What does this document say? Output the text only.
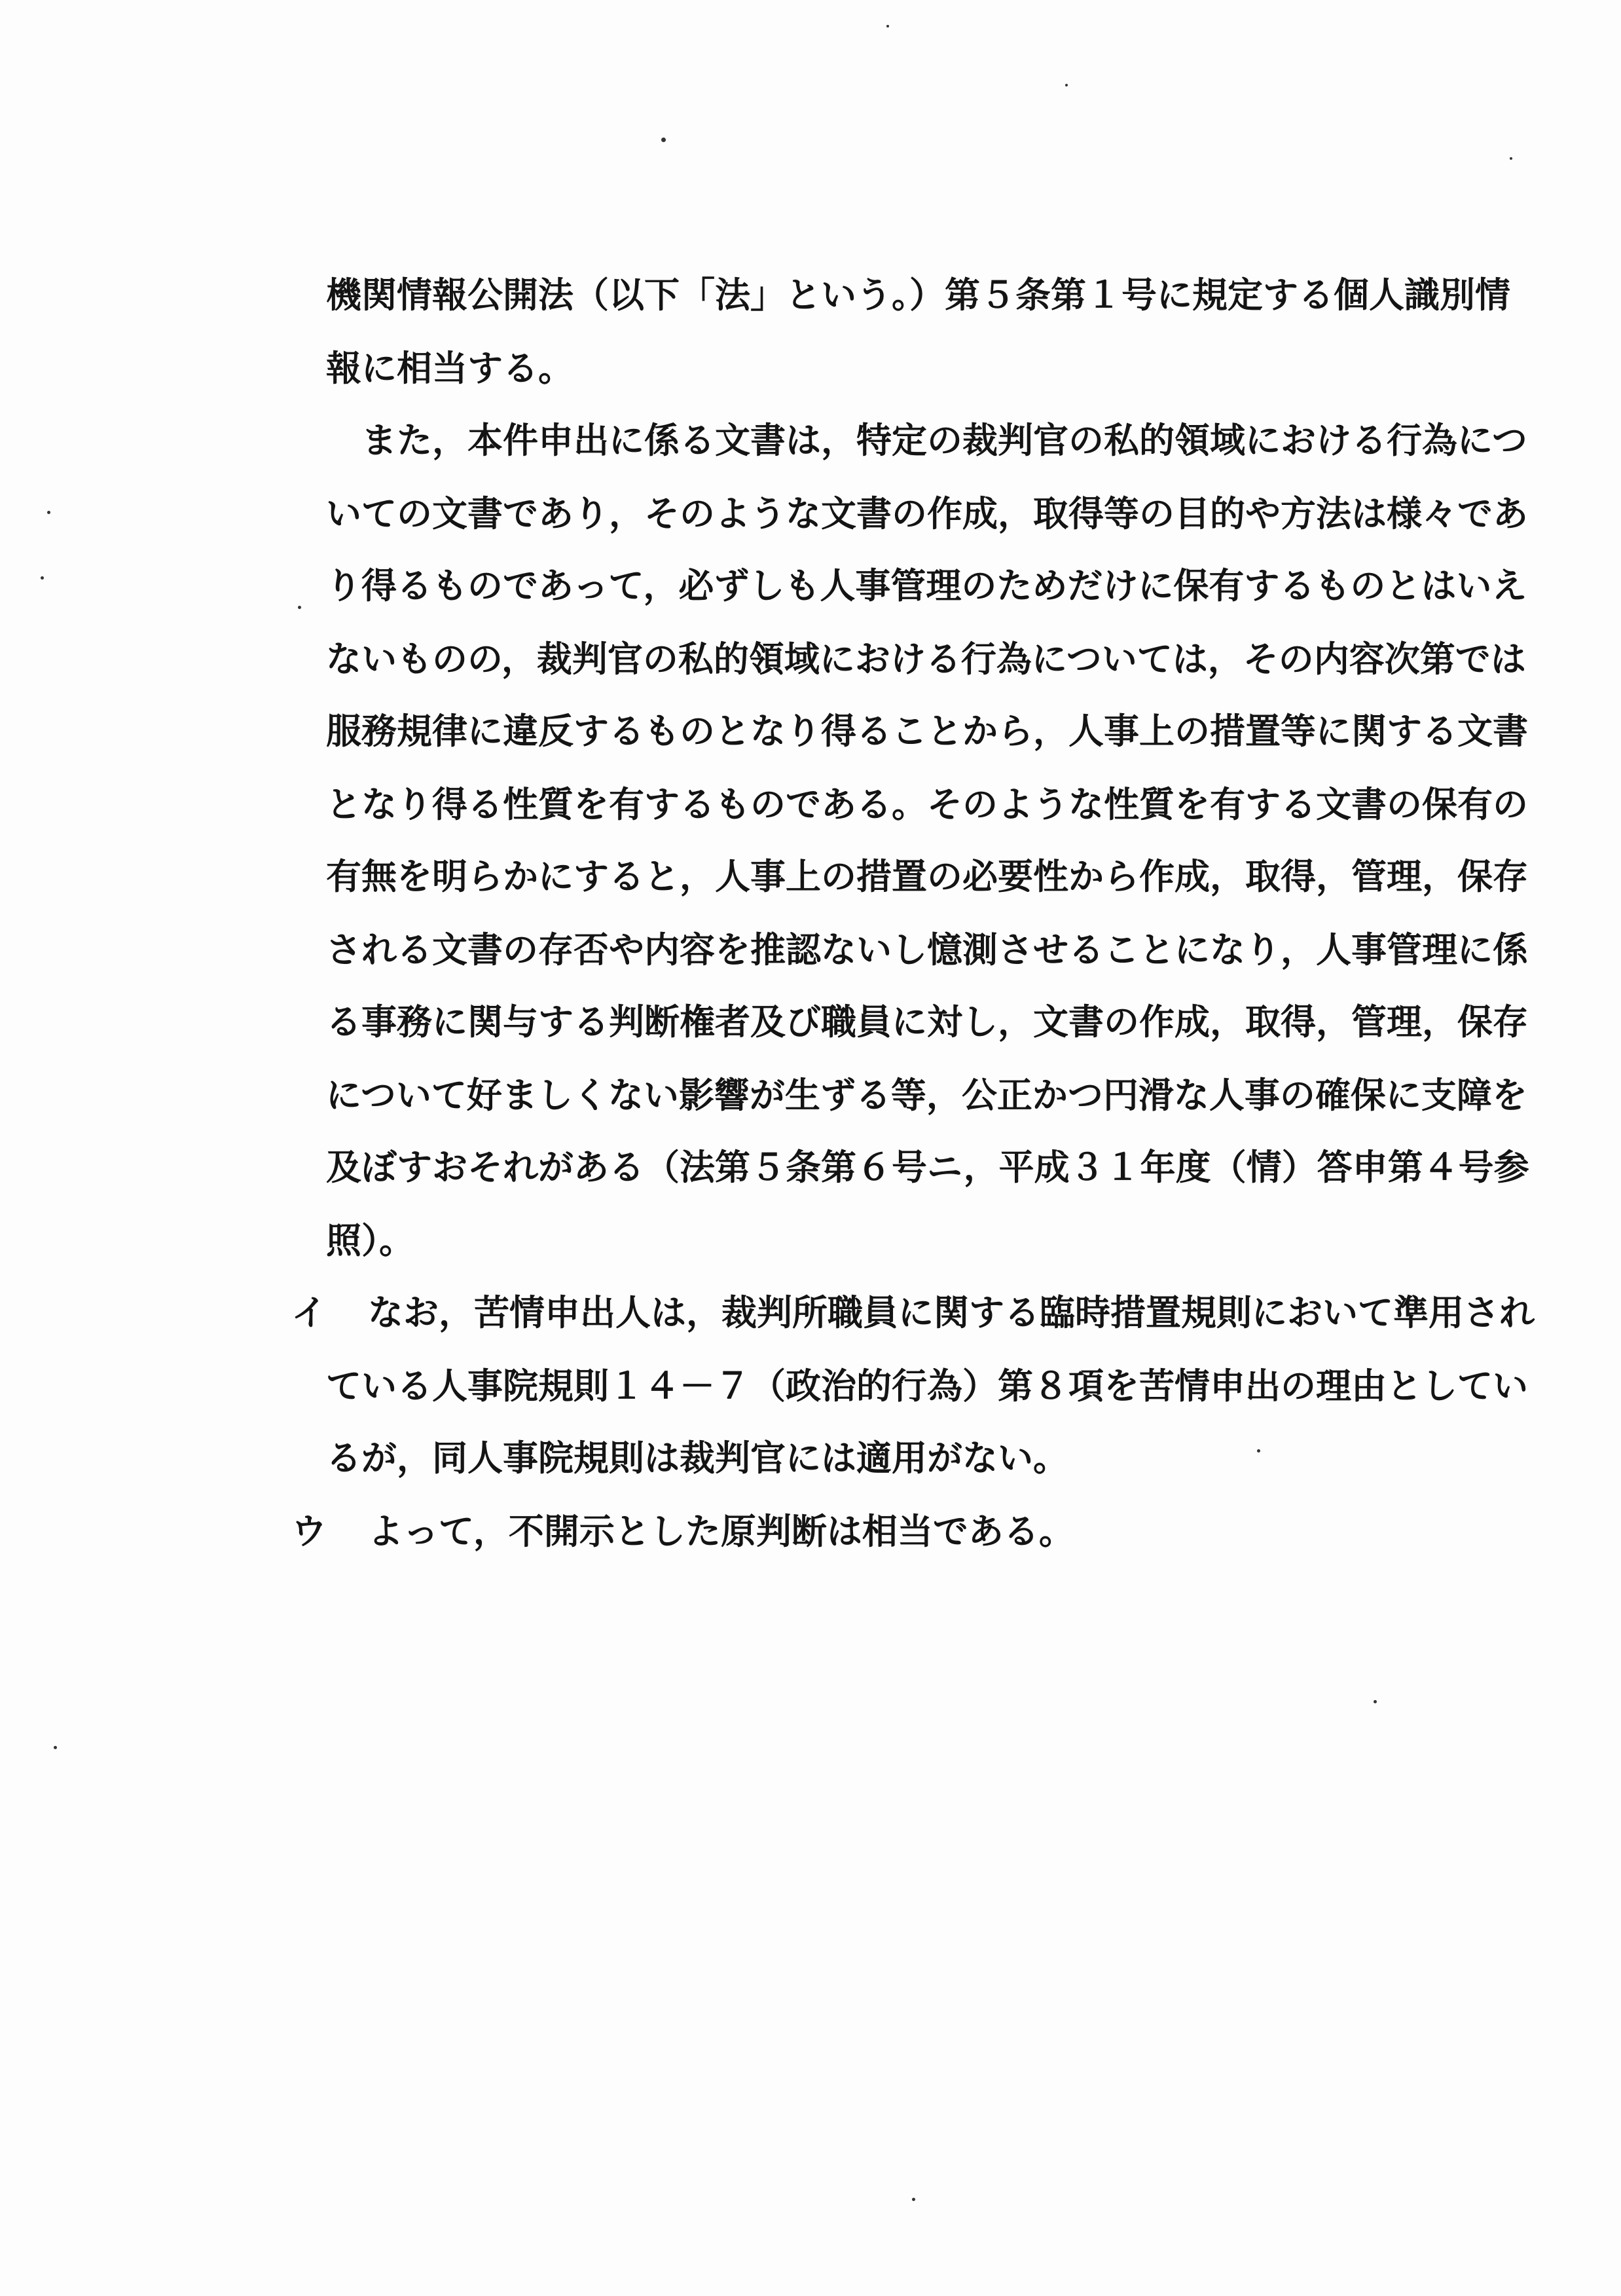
機関情報公開法（以下「法」という。）第５条第１号に規定する個人識別情
報に相当する。
　また，本件申出に係る文書は，特定の裁判官の私的領域における行為につ
いての文書であり，そのような文書の作成，取得等の目的や方法は様々であ
り得るものであって，必ずしも人事管理のためだけに保有するものとはいえ
ないものの，裁判官の私的領域における行為については，その内容次第では
服務規律に違反するものとなり得ることから，人事上の措置等に関する文書
となり得る性質を有するものである。そのような性質を有する文書の保有の
有無を明らかにすると，人事上の措置の必要性から作成，取得，管理，保存
される文書の存否や内容を推認ないし憶測させることになり，人事管理に係
る事務に関与する判断権者及び職員に対し，文書の作成，取得，管理，保存
について好ましくない影響が生ずる等，公正かつ円滑な人事の確保に支障を
及ぼすおそれがある（法第５条第６号ニ，平成３１年度（情）答申第４号参
照）。
イ なお，苦情申出人は，裁判所職員に関する臨時措置規則において準用され
ている人事院規則１４－７（政治的行為）第８項を苦情申出の理由としてい
るが，同人事院規則は裁判官には適用がない。
ウ よって，不開示とした原判断は相当である。
